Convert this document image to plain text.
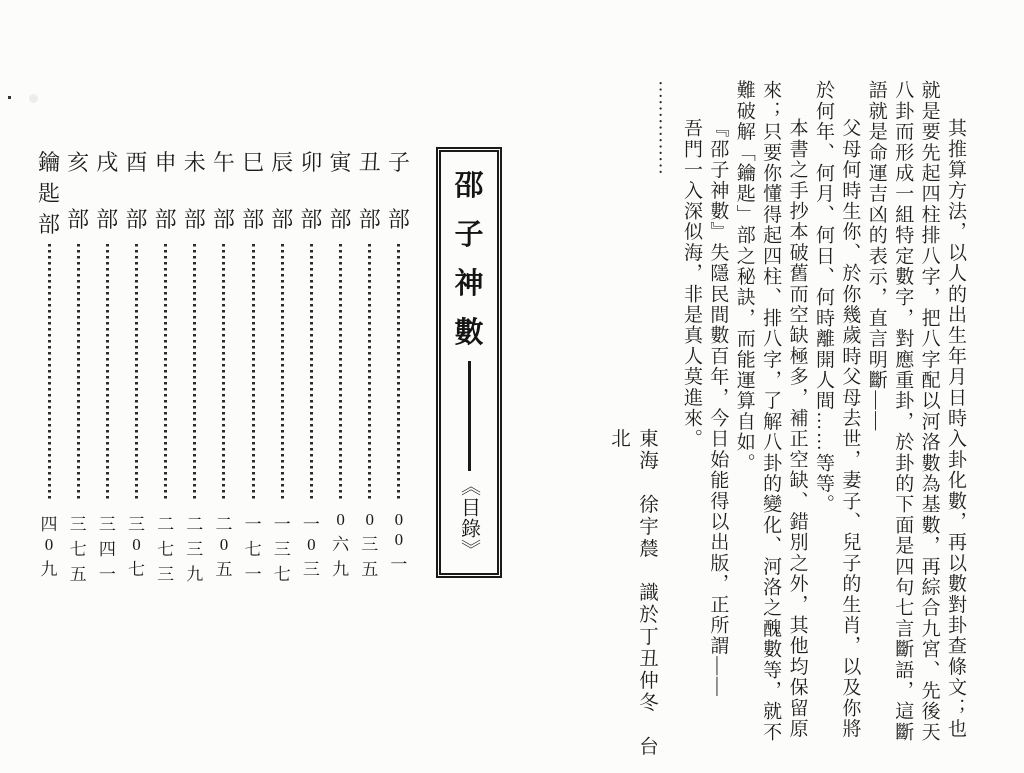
其推算方法，以人的出生年月日時入卦化數，再以數對卦查條文；也就是要先起四柱排八字，把八字配以河洛數為基數，再綜合九宮、先後天八卦而形成一組特定數字，對應重卦，於卦的下面是四句七言斷語，這斷語就是命運吉凶的表示，直言明斷——

父母何時生你、於你幾歲時父母去世，妻子、兒子的生肖，以及你將於何年、何月、何日、何時離開人間……等等。

本書之手抄本破舊而空缺極多，補正空缺、錯別之外，其他均保留原來；只要你懂得起四柱、排八字，了解八卦的變化、河洛之醜數等，就不難破解「鑰匙」部之秘訣，而能運算自如。

『邵子神數』失隱民間數百年，今日始能得以出版，正所謂——

吾門一入深似海，非是真人莫進來。

……………

東海　徐宇辳　識於丁丑仲冬　台北
邵
子
神
數
《目錄》
子
部
0
0
一
丑
部
0
三
五
寅
部
0
六
九
卯
部
一
0
三
辰
部
一
三
七
巳
部
一
七
一
午
部
二
0
五
未
部
二
三
九
申
部
二
七
三
酉
部
三
0
七
戌
部
三
四
一
亥
部
三
七
五
鑰
匙
部
四
0
九
